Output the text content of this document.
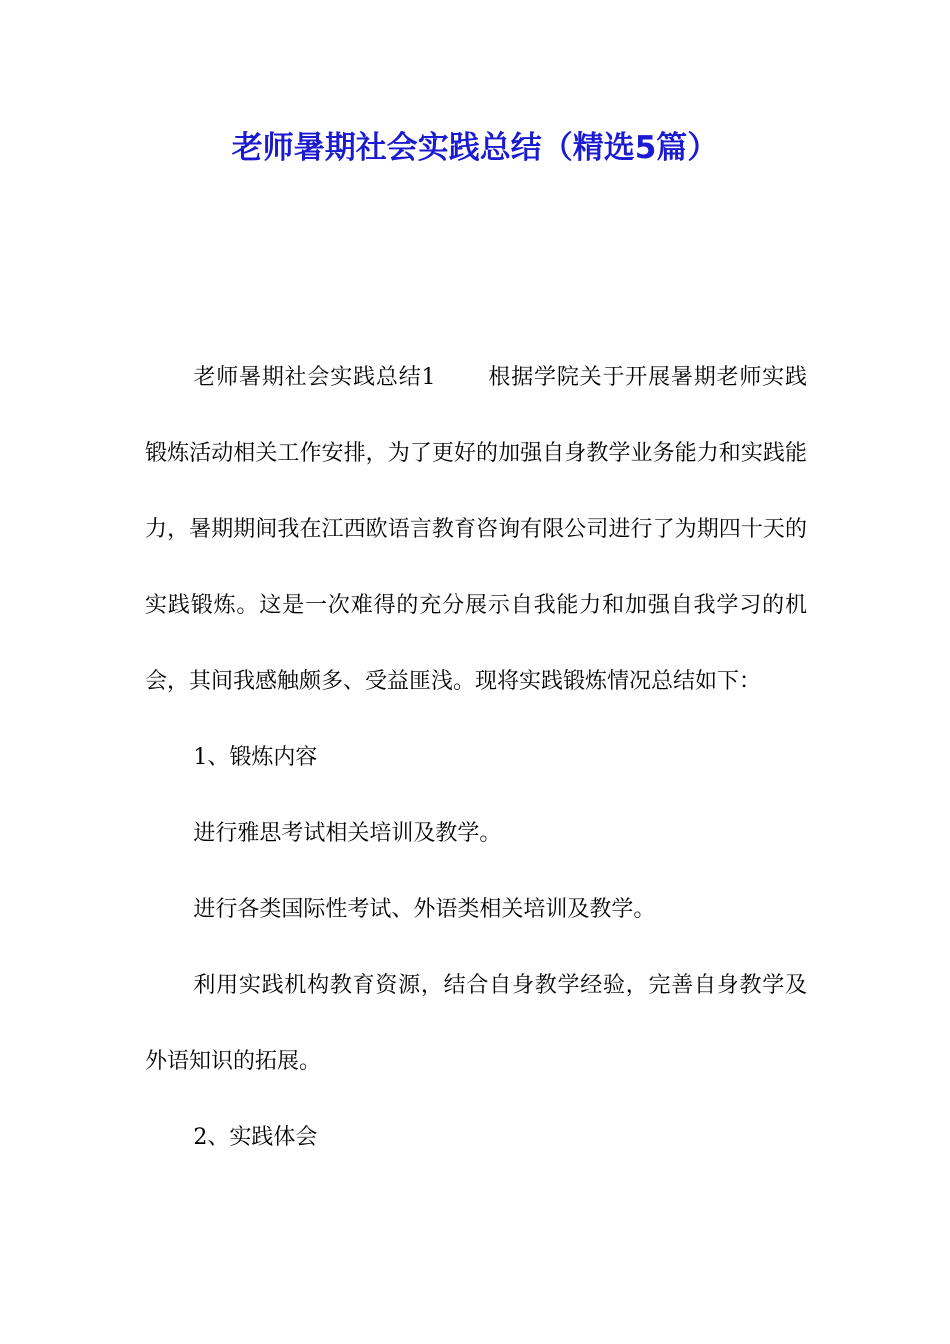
老师暑期社会实践总结（精选5篇）

老师暑期社会实践总结1 根据学院关于开展暑期老师实践锻炼活动相关工作安排，为了更好的加强自身教学业务能力和实践能力，暑期期间我在江西欧语言教育咨询有限公司进行了为期四十天的实践锻炼。这是一次难得的充分展示自我能力和加强自我学习的机会，其间我感触颇多、受益匪浅。现将实践锻炼情况总结如下：

1、锻炼内容

进行雅思考试相关培训及教学。

进行各类国际性考试、外语类相关培训及教学。

利用实践机构教育资源，结合自身教学经验，完善自身教学及外语知识的拓展。

2、实践体会
